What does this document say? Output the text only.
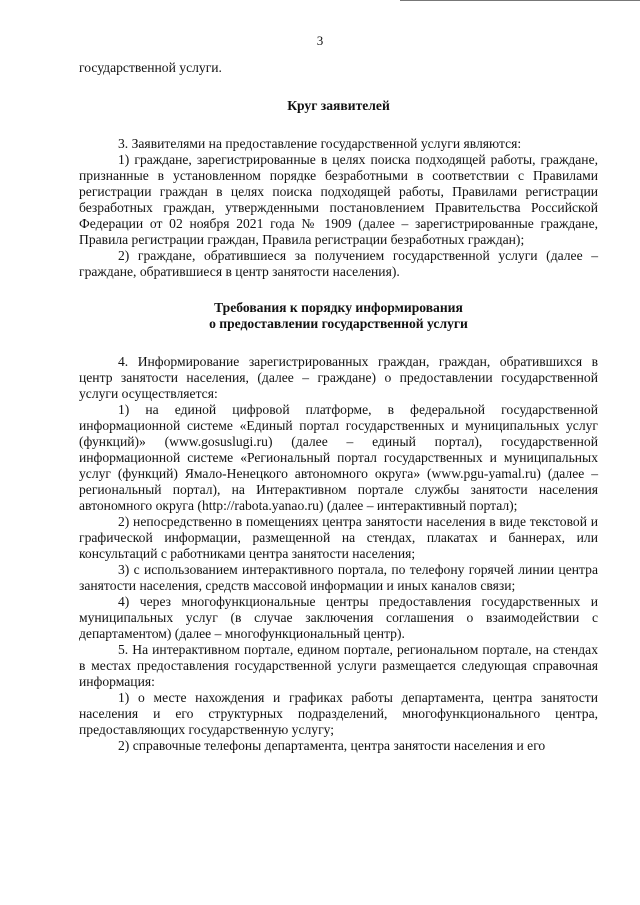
3

государственной услуги.

Круг заявителей

3. Заявителями на предоставление государственной услуги являются:

1) граждане, зарегистрированные в целях поиска подходящей работы, граждане, признанные в установленном порядке безработными в соответствии с Правилами регистрации граждан в целях поиска подходящей работы, Правилами регистрации безработных граждан, утвержденными постановлением Правительства Российской Федерации от 02 ноября 2021 года № 1909 (далее – зарегистрированные граждане, Правила регистрации граждан, Правила регистрации безработных граждан);

2) граждане, обратившиеся за получением государственной услуги (далее – граждане, обратившиеся в центр занятости населения).

Требования к порядку информирования

о предоставлении государственной услуги

4. Информирование зарегистрированных граждан, граждан, обратившихся в центр занятости населения, (далее – граждане) о предоставлении государственной услуги осуществляется:

1) на единой цифровой платформе, в федеральной государственной информационной системе «Единый портал государственных и муниципальных услуг (функций)» (www.gosuslugi.ru) (далее – единый портал), государственной информационной системе «Региональный портал государственных и муниципальных услуг (функций) Ямало-Ненецкого автономного округа» (www.pgu-yamal.ru) (далее – региональный портал), на Интерактивном портале службы занятости населения автономного округа (http://rabota.yanao.ru) (далее – интерактивный портал);

2) непосредственно в помещениях центра занятости населения в виде текстовой и графической информации, размещенной на стендах, плакатах и баннерах, или консультаций с работниками центра занятости населения;

3) с использованием интерактивного портала, по телефону горячей линии центра занятости населения, средств массовой информации и иных каналов связи;

4) через многофункциональные центры предоставления государственных и муниципальных услуг (в случае заключения соглашения о взаимодействии с департаментом) (далее – многофункциональный центр).

5. На интерактивном портале, едином портале, региональном портале, на стендах в местах предоставления государственной услуги размещается следующая справочная информация:

1) о месте нахождения и графиках работы департамента, центра занятости населения и его структурных подразделений, многофункционального центра, предоставляющих государственную услугу;

2) справочные телефоны департамента, центра занятости населения и его
